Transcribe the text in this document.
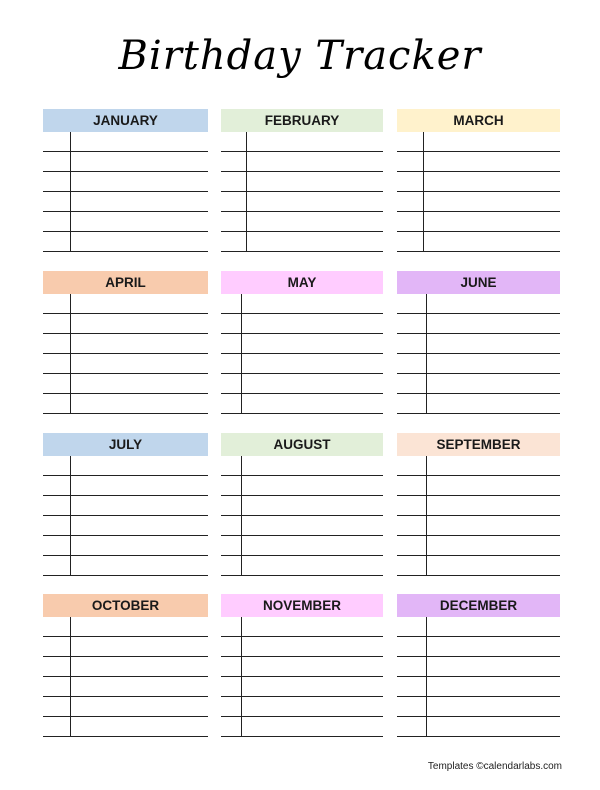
Birthday Tracker
JANUARY	FEBRUARY	MARCH
APRIL	MAY	JUNE
JULY	AUGUST	SEPTEMBER
OCTOBER	NOVEMBER	DECEMBER
Templates ©calendarlabs.com
